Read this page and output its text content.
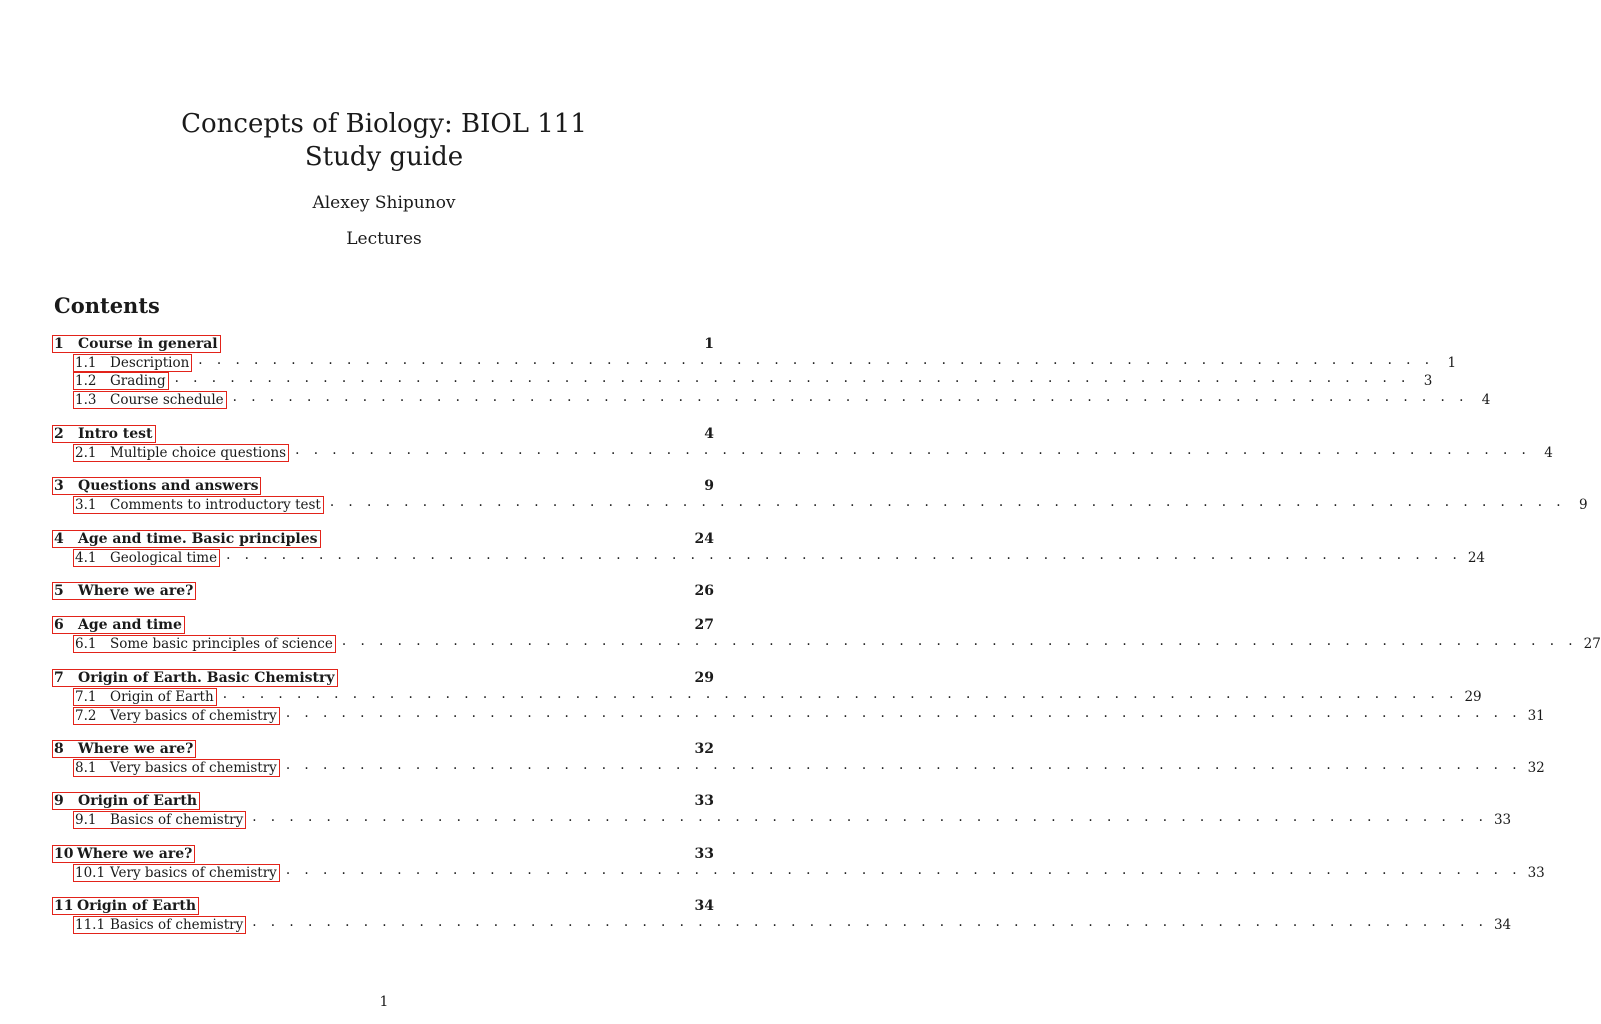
Concepts of Biology: BIOL 111
Study guide
Alexey Shipunov
Lectures
Contents
1	Course in general	1
1.1	Description . . . . . . . . . . . . . . . . . . . . . . . . . . . . . . . . . . . . . . . . . . . . . . . . . . . . . . . . . . . . . . . . . . . 1
1.2	Grading . . . . . . . . . . . . . . . . . . . . . . . . . . . . . . . . . . . . . . . . . . . . . . . . . . . . . . . . . . . . . . . . . . . 3
1.3	Course schedule . . . . . . . . . . . . . . . . . . . . . . . . . . . . . . . . . . . . . . . . . . . . . . . . . . . . . . . . . . . . . . . . . . . 4
2	Intro test	4
2.1	Multiple choice questions . . . . . . . . . . . . . . . . . . . . . . . . . . . . . . . . . . . . . . . . . . . . . . . . . . . . . . . . . . . . . . . . . . . 4
3	Questions and answers	9
3.1	Comments to introductory test . . . . . . . . . . . . . . . . . . . . . . . . . . . . . . . . . . . . . . . . . . . . . . . . . . . . . . . . . . . . . . . . . . . 9
4	Age and time. Basic principles	24
4.1	Geological time . . . . . . . . . . . . . . . . . . . . . . . . . . . . . . . . . . . . . . . . . . . . . . . . . . . . . . . . . . . . . . . . . . . 24
5	Where we are?	26
6	Age and time	27
6.1	Some basic principles of science . . . . . . . . . . . . . . . . . . . . . . . . . . . . . . . . . . . . . . . . . . . . . . . . . . . . . . . . . . . . . . . . . . . 27
7	Origin of Earth. Basic Chemistry	29
7.1	Origin of Earth . . . . . . . . . . . . . . . . . . . . . . . . . . . . . . . . . . . . . . . . . . . . . . . . . . . . . . . . . . . . . . . . . . . 29
7.2	Very basics of chemistry . . . . . . . . . . . . . . . . . . . . . . . . . . . . . . . . . . . . . . . . . . . . . . . . . . . . . . . . . . . . . . . . . . . 31
8	Where we are?	32
8.1	Very basics of chemistry . . . . . . . . . . . . . . . . . . . . . . . . . . . . . . . . . . . . . . . . . . . . . . . . . . . . . . . . . . . . . . . . . . . 32
9	Origin of Earth	33
9.1	Basics of chemistry . . . . . . . . . . . . . . . . . . . . . . . . . . . . . . . . . . . . . . . . . . . . . . . . . . . . . . . . . . . . . . . . . . . 33
10 Where we are?	33
10.1 Very basics of chemistry . . . . . . . . . . . . . . . . . . . . . . . . . . . . . . . . . . . . . . . . . . . . . . . . . . . . . . . . . . . . . . . . . . . 33
11 Origin of Earth	34
11.1 Basics of chemistry . . . . . . . . . . . . . . . . . . . . . . . . . . . . . . . . . . . . . . . . . . . . . . . . . . . . . . . . . . . . . . . . . . . 34
1
